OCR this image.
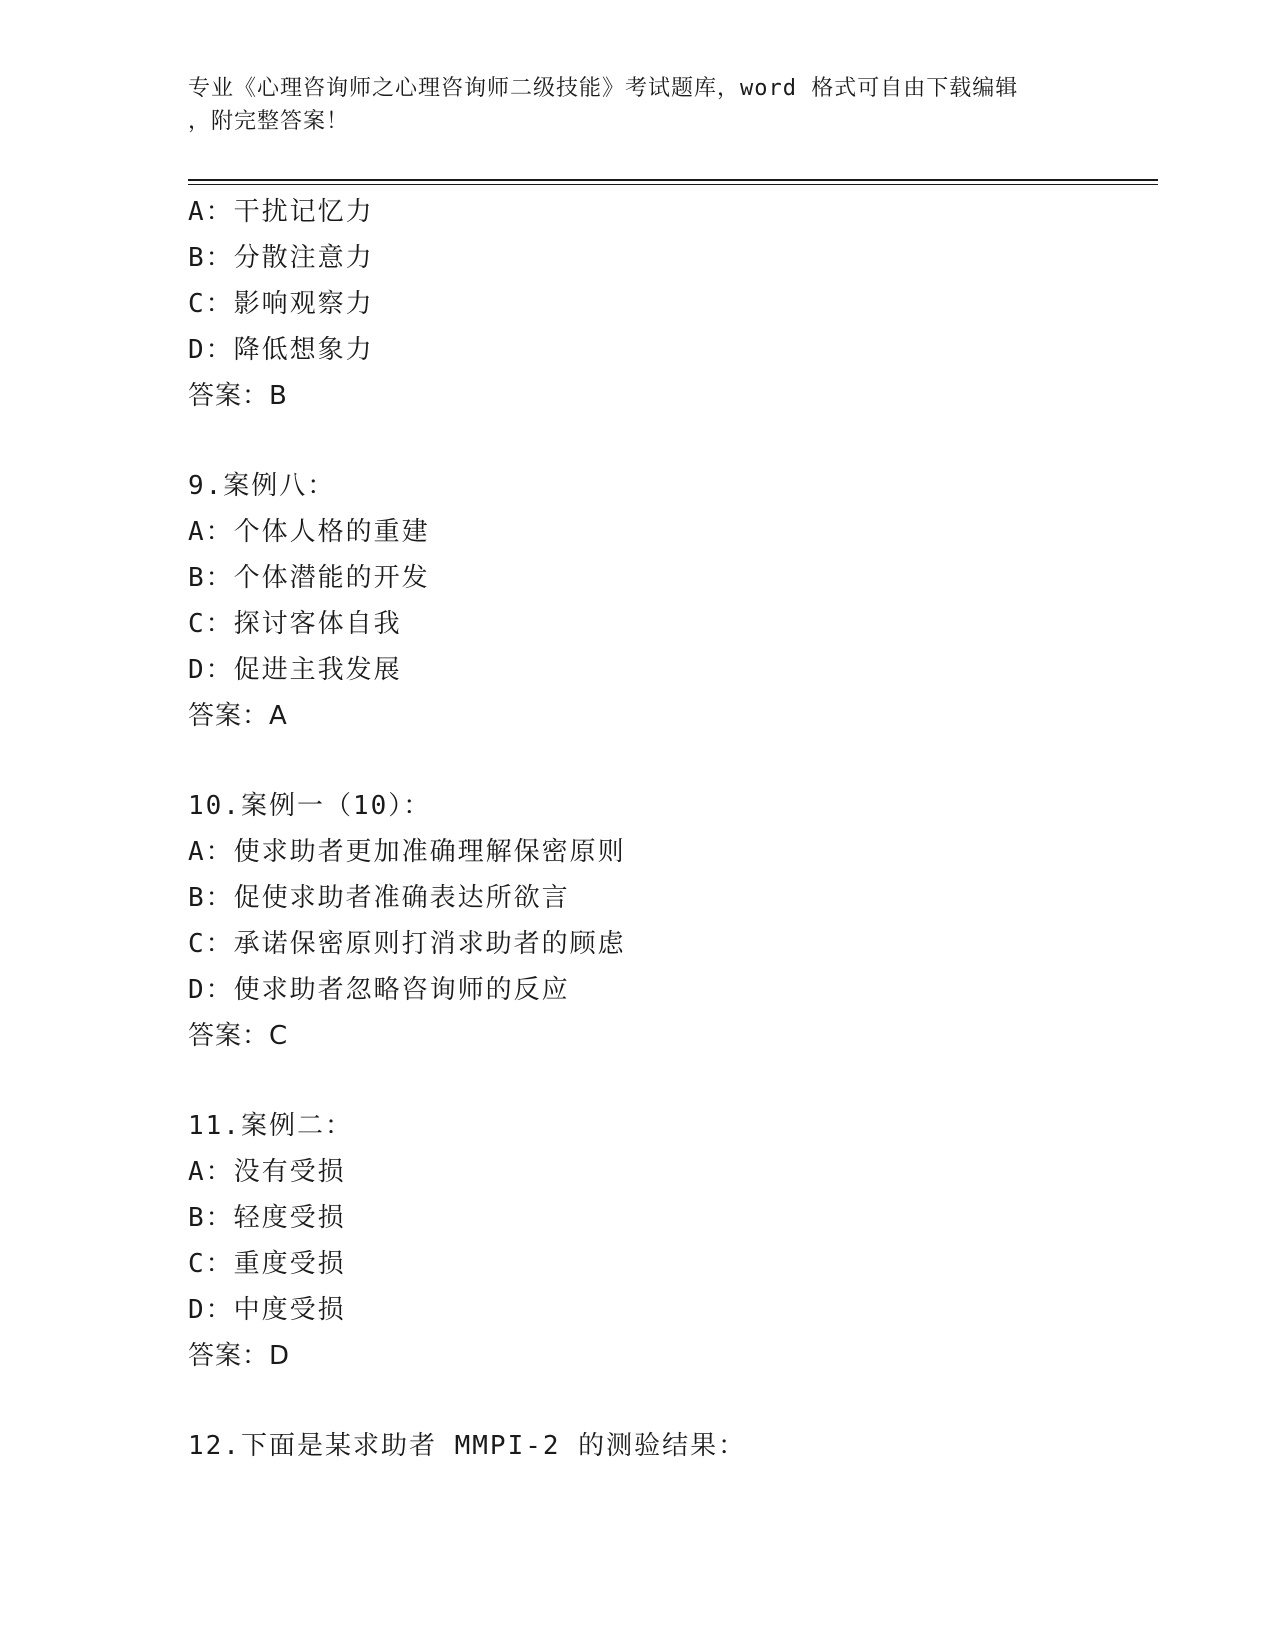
专业《心理咨询师之心理咨询师二级技能》考试题库，word 格式可自由下载编辑
，附完整答案！
A：干扰记忆力
B：分散注意力
C：影响观察力
D：降低想象力
答案：B
9.案例八：
A：个体人格的重建
B：个体潜能的开发
C：探讨客体自我
D：促进主我发展
答案：A
10.案例一（10）：
A：使求助者更加准确理解保密原则
B：促使求助者准确表达所欲言
C：承诺保密原则打消求助者的顾虑
D：使求助者忽略咨询师的反应
答案：C
11.案例二：
A：没有受损
B：轻度受损
C：重度受损
D：中度受损
答案：D
12.下面是某求助者 MMPI-2 的测验结果：
